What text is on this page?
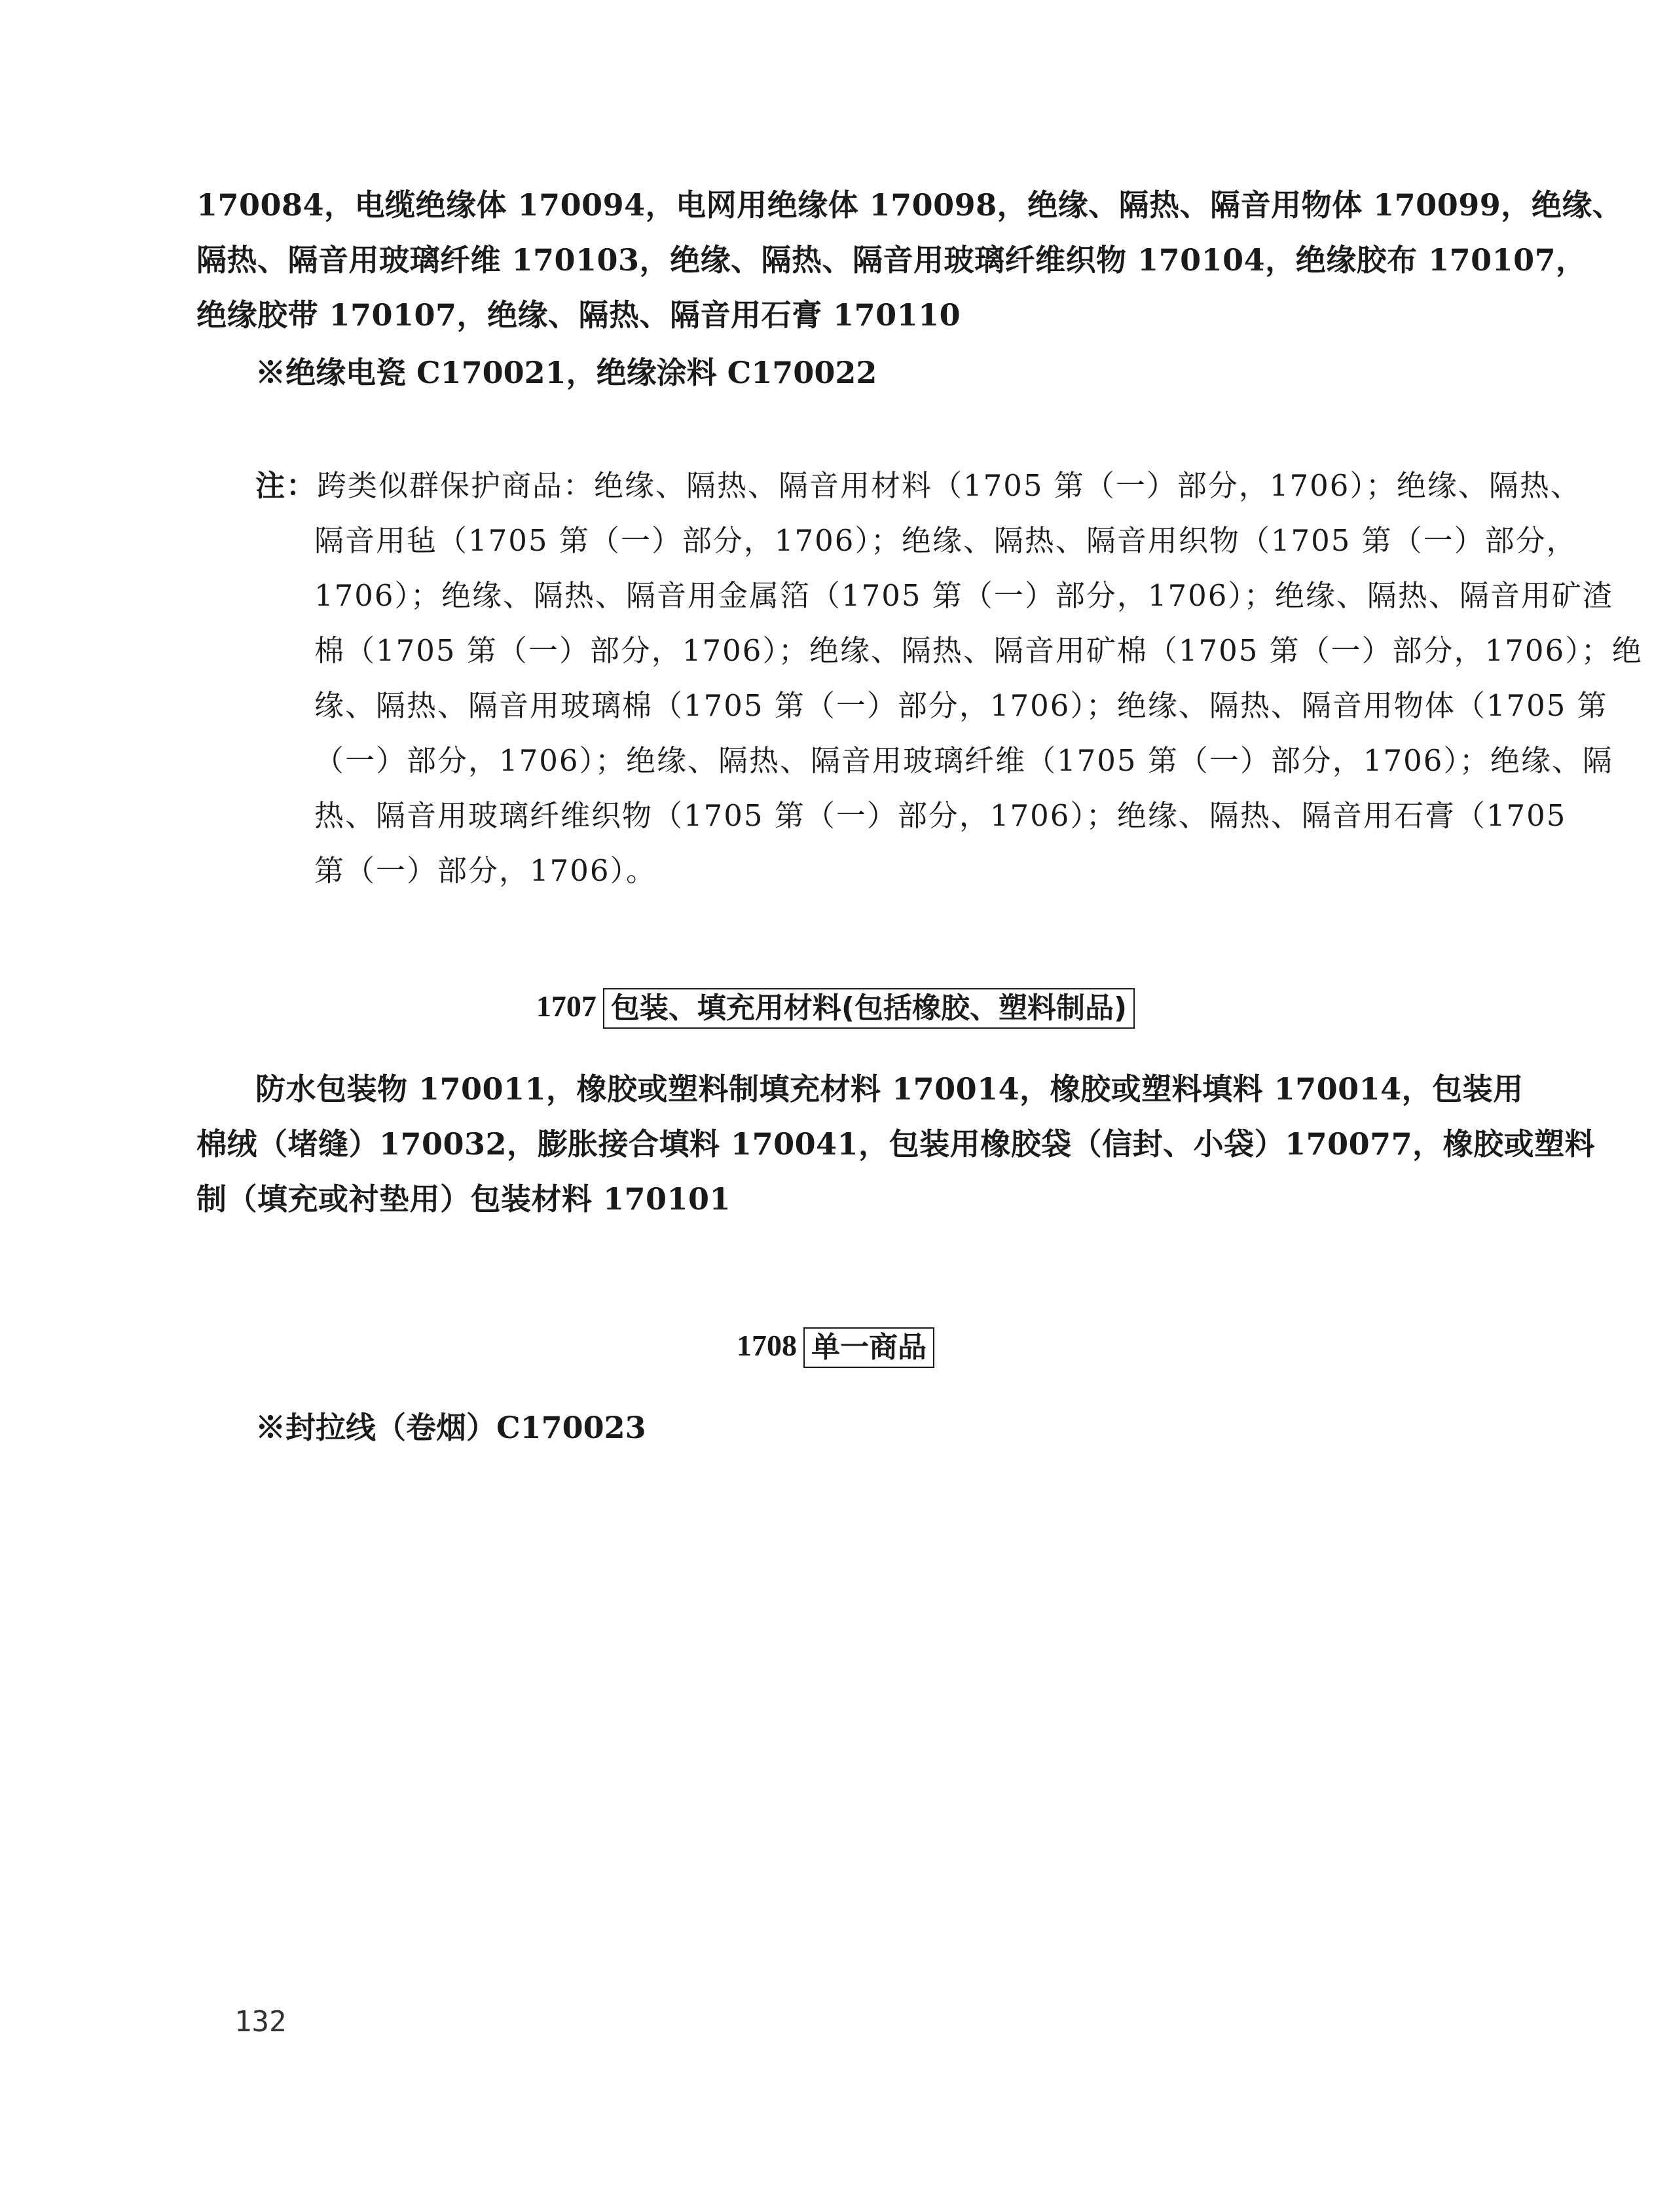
170084，电缆绝缘体 170094，电网用绝缘体 170098，绝缘、隔热、隔音用物体 170099，绝缘、
隔热、隔音用玻璃纤维 170103，绝缘、隔热、隔音用玻璃纤维织物 170104，绝缘胶布 170107，
绝缘胶带 170107，绝缘、隔热、隔音用石膏 170110
※绝缘电瓷 C170021，绝缘涂料 C170022
注：跨类似群保护商品：绝缘、隔热、隔音用材料（1705 第（一）部分，1706）；绝缘、隔热、
隔音用毡（1705 第（一）部分，1706）；绝缘、隔热、隔音用织物（1705 第（一）部分，
1706）；绝缘、隔热、隔音用金属箔（1705 第（一）部分，1706）；绝缘、隔热、隔音用矿渣
棉（1705 第（一）部分，1706）；绝缘、隔热、隔音用矿棉（1705 第（一）部分，1706）；绝
缘、隔热、隔音用玻璃棉（1705 第（一）部分，1706）；绝缘、隔热、隔音用物体（1705 第
（一）部分，1706）；绝缘、隔热、隔音用玻璃纤维（1705 第（一）部分，1706）；绝缘、隔
热、隔音用玻璃纤维织物（1705 第（一）部分，1706）；绝缘、隔热、隔音用石膏（1705
第（一）部分，1706）。
1707 包装、填充用材料(包括橡胶、塑料制品)
防水包装物 170011，橡胶或塑料制填充材料 170014，橡胶或塑料填料 170014，包装用
棉绒（堵缝）170032，膨胀接合填料 170041，包装用橡胶袋（信封、小袋）170077，橡胶或塑料
制（填充或衬垫用）包装材料 170101
1708 单一商品
※封拉线（卷烟）C170023
132
